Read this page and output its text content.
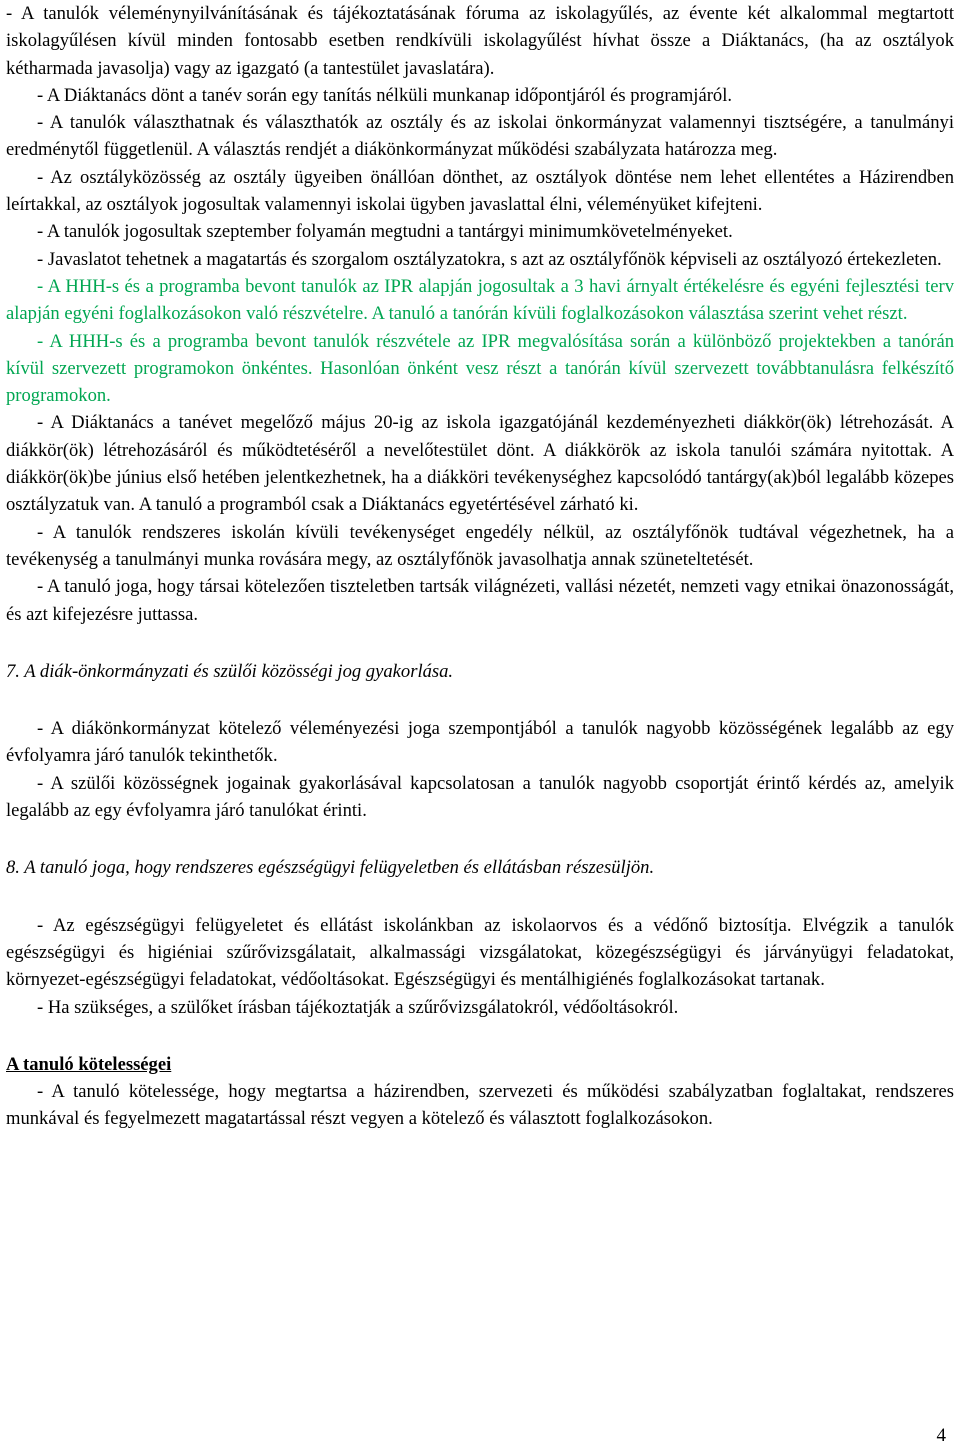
- A tanulók véleménynyilvánításának és tájékoztatásának fóruma az iskolagyűlés, az évente két alkalommal megtartott iskolagyűlésen kívül minden fontosabb esetben rendkívüli iskolagyűlést hívhat össze a Diáktanács, (ha az osztályok kétharmada javasolja) vagy az igazgató (a tantestület javaslatára).

- A Diáktanács dönt a tanév során egy tanítás nélküli munkanap időpontjáról és programjáról.

- A tanulók választhatnak és választhatók az osztály és az iskolai önkormányzat valamennyi tisztségére, a tanulmányi eredménytől függetlenül. A választás rendjét a diákönkormányzat működési szabályzata határozza meg.

- Az osztályközösség az osztály ügyeiben önállóan dönthet, az osztályok döntése nem lehet ellentétes a Házirendben leírtakkal, az osztályok jogosultak valamennyi iskolai ügyben javaslattal élni, véleményüket kifejteni.

- A tanulók jogosultak szeptember folyamán megtudni a tantárgyi minimumkövetelményeket.

- Javaslatot tehetnek a magatartás és szorgalom osztályzatokra, s azt az osztályfőnök képviseli az osztályozó értekezleten.

- A HHH-s és a programba bevont tanulók az IPR alapján jogosultak a 3 havi árnyalt értékelésre és egyéni fejlesztési terv alapján egyéni foglalkozásokon való részvételre. A tanuló a tanórán kívüli foglalkozásokon választása szerint vehet részt.

- A HHH-s és a programba bevont tanulók részvétele az IPR megvalósítása során a különböző projektekben a tanórán kívül szervezett programokon önkéntes. Hasonlóan önként vesz részt a tanórán kívül szervezett továbbtanulásra felkészítő programokon.

- A Diáktanács a tanévet megelőző május 20-ig az iskola igazgatójánál kezdeményezheti diákkör(ök) létrehozását. A diákkör(ök) létrehozásáról és működtetéséről a nevelőtestület dönt. A diákkörök az iskola tanulói számára nyitottak. A diákkör(ök)be június első hetében jelentkezhetnek, ha a diákköri tevékenységhez kapcsolódó tantárgy(ak)ból legalább közepes osztályzatuk van. A tanuló a programból csak a Diáktanács egyetértésével zárható ki.

- A tanulók rendszeres iskolán kívüli tevékenységet engedély nélkül, az osztályfőnök tudtával végezhetnek, ha a tevékenység a tanulmányi munka rovására megy, az osztályfőnök javasolhatja annak szüneteltetését.

- A tanuló joga, hogy társai kötelezően tiszteletben tartsák világnézeti, vallási nézetét, nemzeti vagy etnikai önazonosságát, és azt kifejezésre juttassa.

7. A diák-önkormányzati és szülői közösségi jog gyakorlása.

- A diákönkormányzat kötelező véleményezési joga szempontjából a tanulók nagyobb közösségének legalább az egy évfolyamra járó tanulók tekinthetők.

- A szülői közösségnek jogainak gyakorlásával kapcsolatosan a tanulók nagyobb csoportját érintő kérdés az, amelyik legalább az egy évfolyamra járó tanulókat érinti.

8. A tanuló joga, hogy rendszeres egészségügyi felügyeletben és ellátásban részesüljön.

- Az egészségügyi felügyeletet és ellátást iskolánkban az iskolaorvos és a védőnő biztosítja. Elvégzik a tanulók egészségügyi és higiéniai szűrővizsgálatait, alkalmassági vizsgálatokat, közegészségügyi és járványügyi feladatokat, környezet-egészségügyi feladatokat, védőoltásokat. Egészségügyi és mentálhigiénés foglalkozásokat tartanak.

- Ha szükséges, a szülőket írásban tájékoztatják a szűrővizsgálatokról, védőoltásokról.

A tanuló kötelességei

- A tanuló kötelessége, hogy megtartsa a házirendben, szervezeti és működési szabályzatban foglaltakat, rendszeres munkával és fegyelmezett magatartással részt vegyen a kötelező és választott foglalkozásokon.

4
